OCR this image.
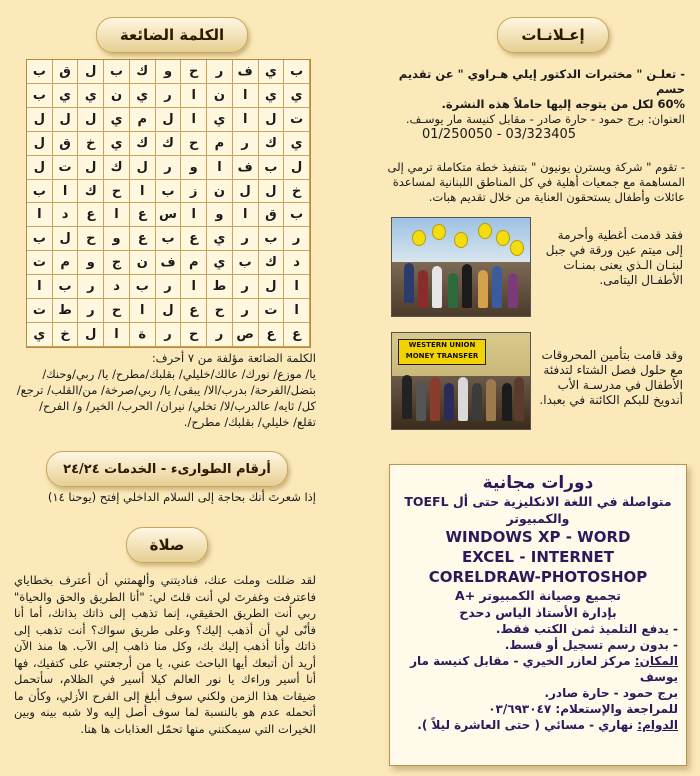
الكلمة الضائعة
ب	ق	ل	ب	ك	و	ح	ر	ف ي	ب
ب	ي	ي	ن	ي	ر	ا	ن	ا	ي	ي
ل	ل	ل	ي	م	ل	ا	ي	ا	ل	ت
ل	ق	خ	ي	ك	ك	ح	م	ر	ك	ي
ل	ت	ل	ك	ل	ر	و	ا	ف ب	ل
ب	ا	ك	ح	ا	ب	ز	ن	ل	ل	خ
ا	د	ع	ا	ع س	ا	و	ا	ق	ب
ب	ل	ح	و	ع	ب	ع	ي	ر	ب	ر
ت	م	و	ج	ن ف	م	ي	ب	ك	د
ا	ب	ر	د	ب	ر	ا	ط	ر	ل	ا
ت ط	ر	ح	ا	ل	ع	ح	ر	ت	ا
ي	خ	ل	ا	ة	ر	ح	ر	ص ع	ع
الكلمة الضائعة مؤلفة من ٧ أحرف:
يا/ موزع/ نورك/ عالك/خليلي/ بقلبك/مطرح/ يا/ ربي/وحنك/ بتضل/الفرحة/ بدرب/الا/ يبقى/ يا/ ربي/صرخة/ من/القلب/ ترجع/ كل/ ثايه/ عالدرب/لا/ تخلي/ نيران/ الحرب/ الخير/ و/ الفرح/ تقلع/ خليلي/ بقلبك/ مطرح/.
أرقام الطوارىء - الخدمات ٢٤/٢٤
إذا شعرتَ أنك بحاجة إلى السلام الداخلي إفتح (يوحنا ١٤)
صلاة
لقد ضللت وملت عنك، فناديتني وألهمتني أن أعترف بخطاياي فاعترفت وغفرتَ لي أنت قلتَ لي: "أنا الطريق والحق والحياة" ربي أنت الطريق الحقيقي، إنما تذهب إلى ذاتك بذاتك، أما أنا فأنّى لي أن أذهب إليك؟ وعلى طريق سواك؟ أنت تذهب إلى ذاتك وأنا أذهب إليك بك، وكل منا ذاهب إلى الآب. ها منذ الآن أريد أن أتبعك أيها الباحث عني، يا من أرجعتني على كتفيك، فها أنا أسير وراءك يا نور العالم كيلا أسير في الظلام، سأتحمل ضيقات هذا الزمن ولكني سوف أبلغ إلى الفرح الأزلي، وكأن ما أتحمله عدم هو بالنسبة لما سوف أصل إليه ولا شبه بينه وبين الخيرات التي سيمكنني منها تحمّل العذابات ها هنا.
إعـلانـات
- تعلـن " مختبرات الدكتور إيلي هـراوي " عن تقديم حسم
60% لكل من يتوجه إليها حاملاً هذه النشرة.
العنوان: برج حمود - حارة صادر - مقابل كنيسة مار يوسـف.
03/323405 - 01/250050
- تقوم " شركة ويسترن يونيون " بتنفيذ خطة متكاملة ترمي إلى المساهمة مع جمعيات أهلية في كل المناطق اللبنانية لمساعدة عائلات وأطفال يستحقون العناية من خلال تقديم هبات.
فقد قدمت أغطية وأحرمة إلى ميتم عين ورقة في جبل لبنـان الـذي يعنى بمنـات الأطفـال اليتامى.
WESTERN UNION MONEY TRANSFER	وقد قامت بتأمين المحروقات مع حلول فصل الشتاء لتدفئة الأطفال في مدرسـة الأب أندويخ للبكم الكائنة في بعبدا.
دورات مجانية
متواصلة في اللغة الانكليزية حتى أل TOEFL
والكمبيوتر
WINDOWS XP - WORD
EXCEL - INTERNET
CORELDRAW-PHOTOSHOP
تجميع وصيانة الكمبيوتر +A
بإدارة الأستاذ الياس دحدح
- يدفع التلميذ ثمن الكتب فقط.
- بدون رسم تسجيل أو قسط.
المكان: مركز لعازر الخيري - مقابل كنيسة مار يوسف
برج حمود - حارة صادر.
للمراجعة والإستعلام: ٠٣/٦٩٣٠٤٧
الدوام: نهاري - مسائي ( حتى العاشرة ليلاً ).
